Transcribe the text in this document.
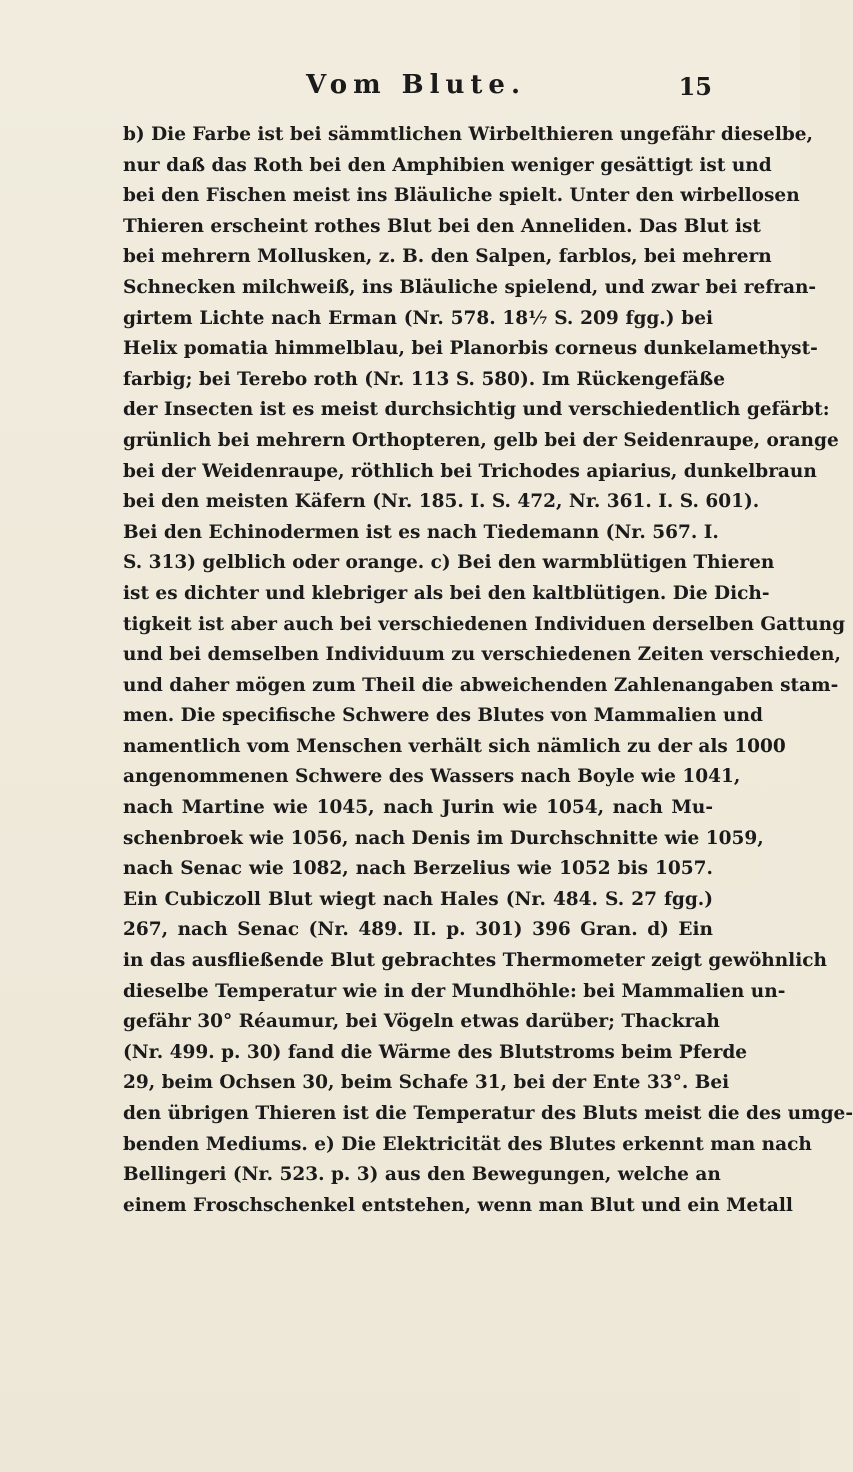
Vom Blute.	15
b) Die Farbe ist bei sämmtlichen Wirbelthieren ungefähr dieselbe,
nur daß das Roth bei den Amphibien weniger gesättigt ist und
bei den Fischen meist ins Bläuliche spielt. Unter den wirbellosen
Thieren erscheint rothes Blut bei den Anneliden. Das Blut ist
bei mehrern Mollusken, z. B. den Salpen, farblos, bei mehrern
Schnecken milchweiß, ins Bläuliche spielend, und zwar bei refran-
girtem Lichte nach Erman (Nr. 578. 18¹⁄₇ S. 209 fgg.) bei
Helix pomatia himmelblau, bei Planorbis corneus dunkelamethyst-
farbig; bei Terebo roth (Nr. 113 S. 580). Im Rückengefäße
der Insecten ist es meist durchsichtig und verschiedentlich gefärbt:
grünlich bei mehrern Orthopteren, gelb bei der Seidenraupe, orange
bei der Weidenraupe, röthlich bei Trichodes apiarius, dunkelbraun
bei den meisten Käfern (Nr. 185. I. S. 472, Nr. 361. I. S. 601).
Bei den Echinodermen ist es nach Tiedemann (Nr. 567. I.
S. 313) gelblich oder orange. c) Bei den warmblütigen Thieren
ist es dichter und klebriger als bei den kaltblütigen. Die Dich-
tigkeit ist aber auch bei verschiedenen Individuen derselben Gattung
und bei demselben Individuum zu verschiedenen Zeiten verschieden,
und daher mögen zum Theil die abweichenden Zahlenangaben stam-
men. Die specifische Schwere des Blutes von Mammalien und
namentlich vom Menschen verhält sich nämlich zu der als 1000
angenommenen Schwere des Wassers nach Boyle wie 1041,
nach Martine wie 1045, nach Jurin wie 1054, nach Mu-
schenbroek wie 1056, nach Denis im Durchschnitte wie 1059,
nach Senac wie 1082, nach Berzelius wie 1052 bis 1057.
Ein Cubiczoll Blut wiegt nach Hales (Nr. 484. S. 27 fgg.)
267, nach Senac (Nr. 489. II. p. 301) 396 Gran. d) Ein
in das ausfließende Blut gebrachtes Thermometer zeigt gewöhnlich
dieselbe Temperatur wie in der Mundhöhle: bei Mammalien un-
gefähr 30° Réaumur, bei Vögeln etwas darüber; Thackrah
(Nr. 499. p. 30) fand die Wärme des Blutstroms beim Pferde
29, beim Ochsen 30, beim Schafe 31, bei der Ente 33°. Bei
den übrigen Thieren ist die Temperatur des Bluts meist die des umge-
benden Mediums. e) Die Elektricität des Blutes erkennt man nach
Bellingeri (Nr. 523. p. 3) aus den Bewegungen, welche an
einem Froschschenkel entstehen, wenn man Blut und ein Metall
